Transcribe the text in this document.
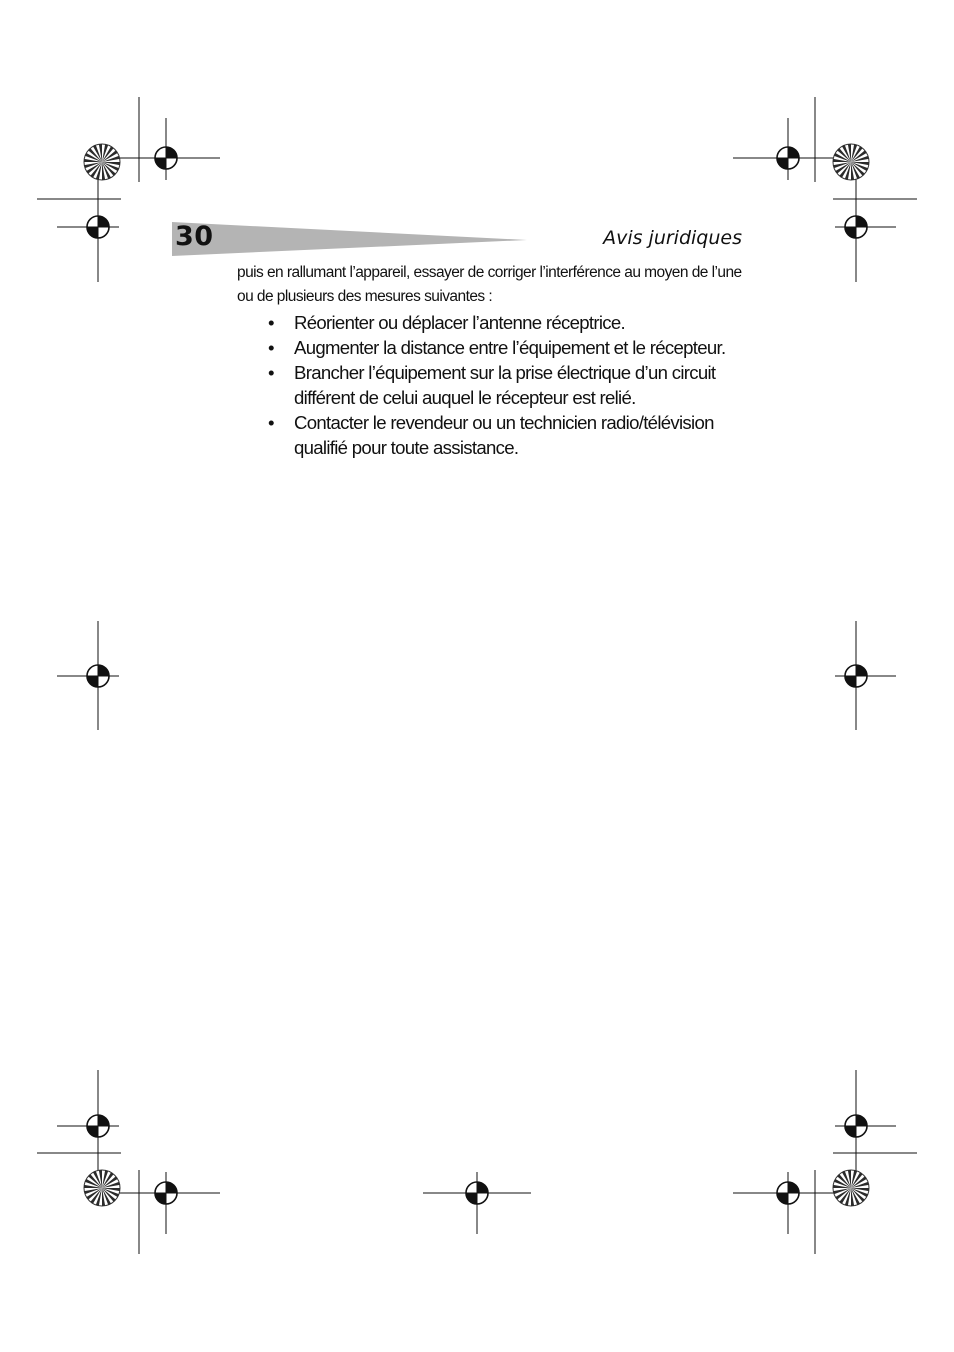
30	Avis juridiques
puis en rallumant l’appareil, essayer de corriger l’interférence au moyen de l’une ou de plusieurs des mesures suivantes :
• Réorienter ou déplacer l’antenne réceptrice.
• Augmenter la distance entre l’équipement et le récepteur.
• Brancher l’équipement sur la prise électrique d’un circuit différent de celui auquel le récepteur est relié.
• Contacter le revendeur ou un technicien radio/télévision qualifié pour toute assistance.
